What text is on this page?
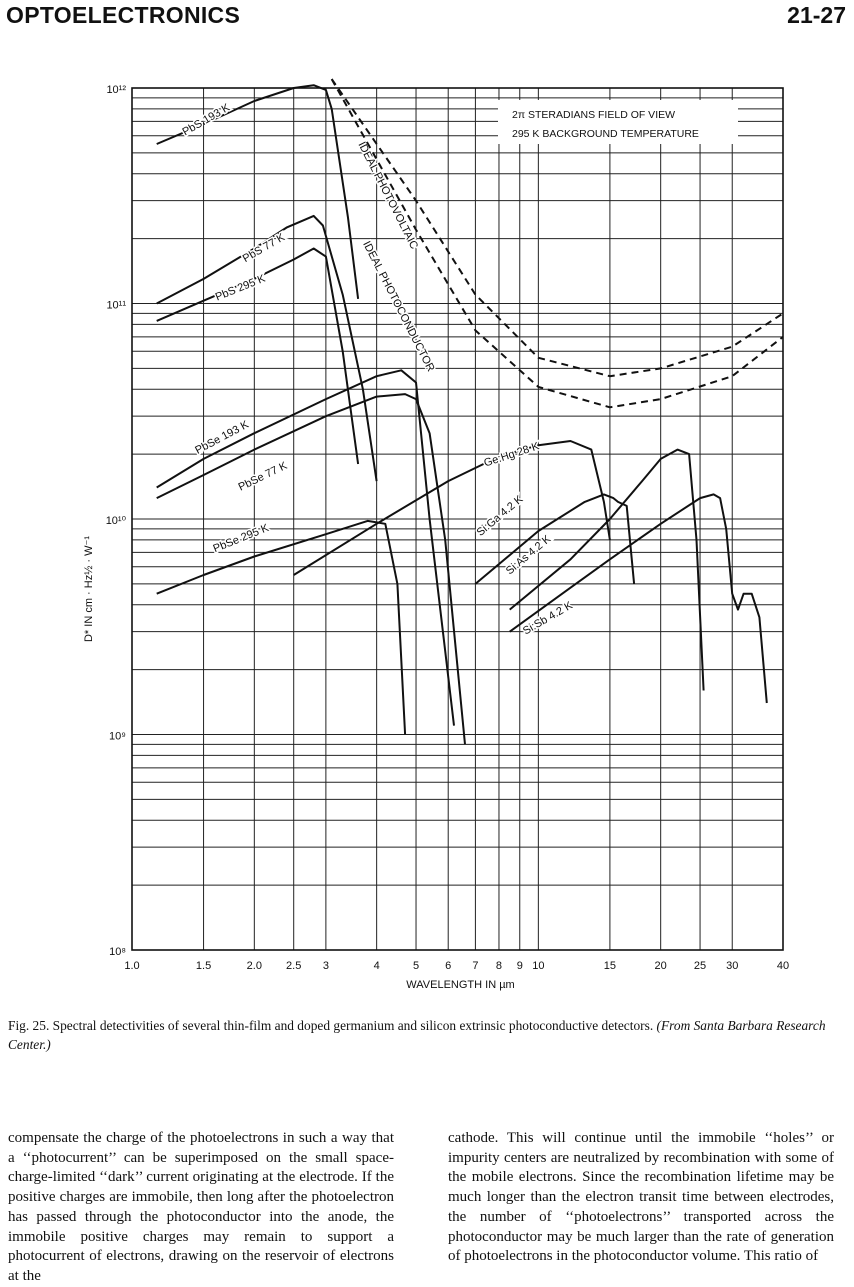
OPTOELECTRONICS	21-27
1.0	1.5	2.0 2.5 3	4	5 6 7 8 9 10	15	20 25 30	40
10⁸
10⁹
10¹⁰
10¹¹
10¹²
WAVELENGTH IN µm
D* IN cm · Hz½ · W⁻¹
2π STERADIANS FIELD OF VIEW
295 K BACKGROUND TEMPERATURE
IDEAL PHOTOVOLTAIC
IDEAL PHOTOCONDUCTOR
PbS 193 K
PbS 77 K
PbS 295 K
PbSe 193 K
PbSe 77 K
PbSe 295 K
Ge:Hg 28 K
Si:Ga 4.2 K
Si:As 4.2 K
Si:Sb 4.2 K
Fig. 25. Spectral detectivities of several thin-film and doped germanium and silicon extrinsic photoconductive detectors. (From Santa Barbara Research Center.)
compensate the charge of the photoelectrons in such a way that a ‘‘photocurrent’’ can be superimposed on the small space-charge-limited ‘‘dark’’ current originating at the electrode. If the positive charges are immobile, then long after the photoelectron has passed through the photoconductor into the anode, the immobile positive charges may remain to support a photocurrent of electrons, drawing on the reservoir of electrons at the
cathode. This will continue until the immobile ‘‘holes’’ or impurity centers are neutralized by recombination with some of the mobile electrons. Since the recombination lifetime may be much longer than the electron transit time between electrodes, the number of ‘‘photoelectrons’’ transported across the photoconductor may be much larger than the rate of generation of photoelectrons in the photoconductor volume. This ratio of
